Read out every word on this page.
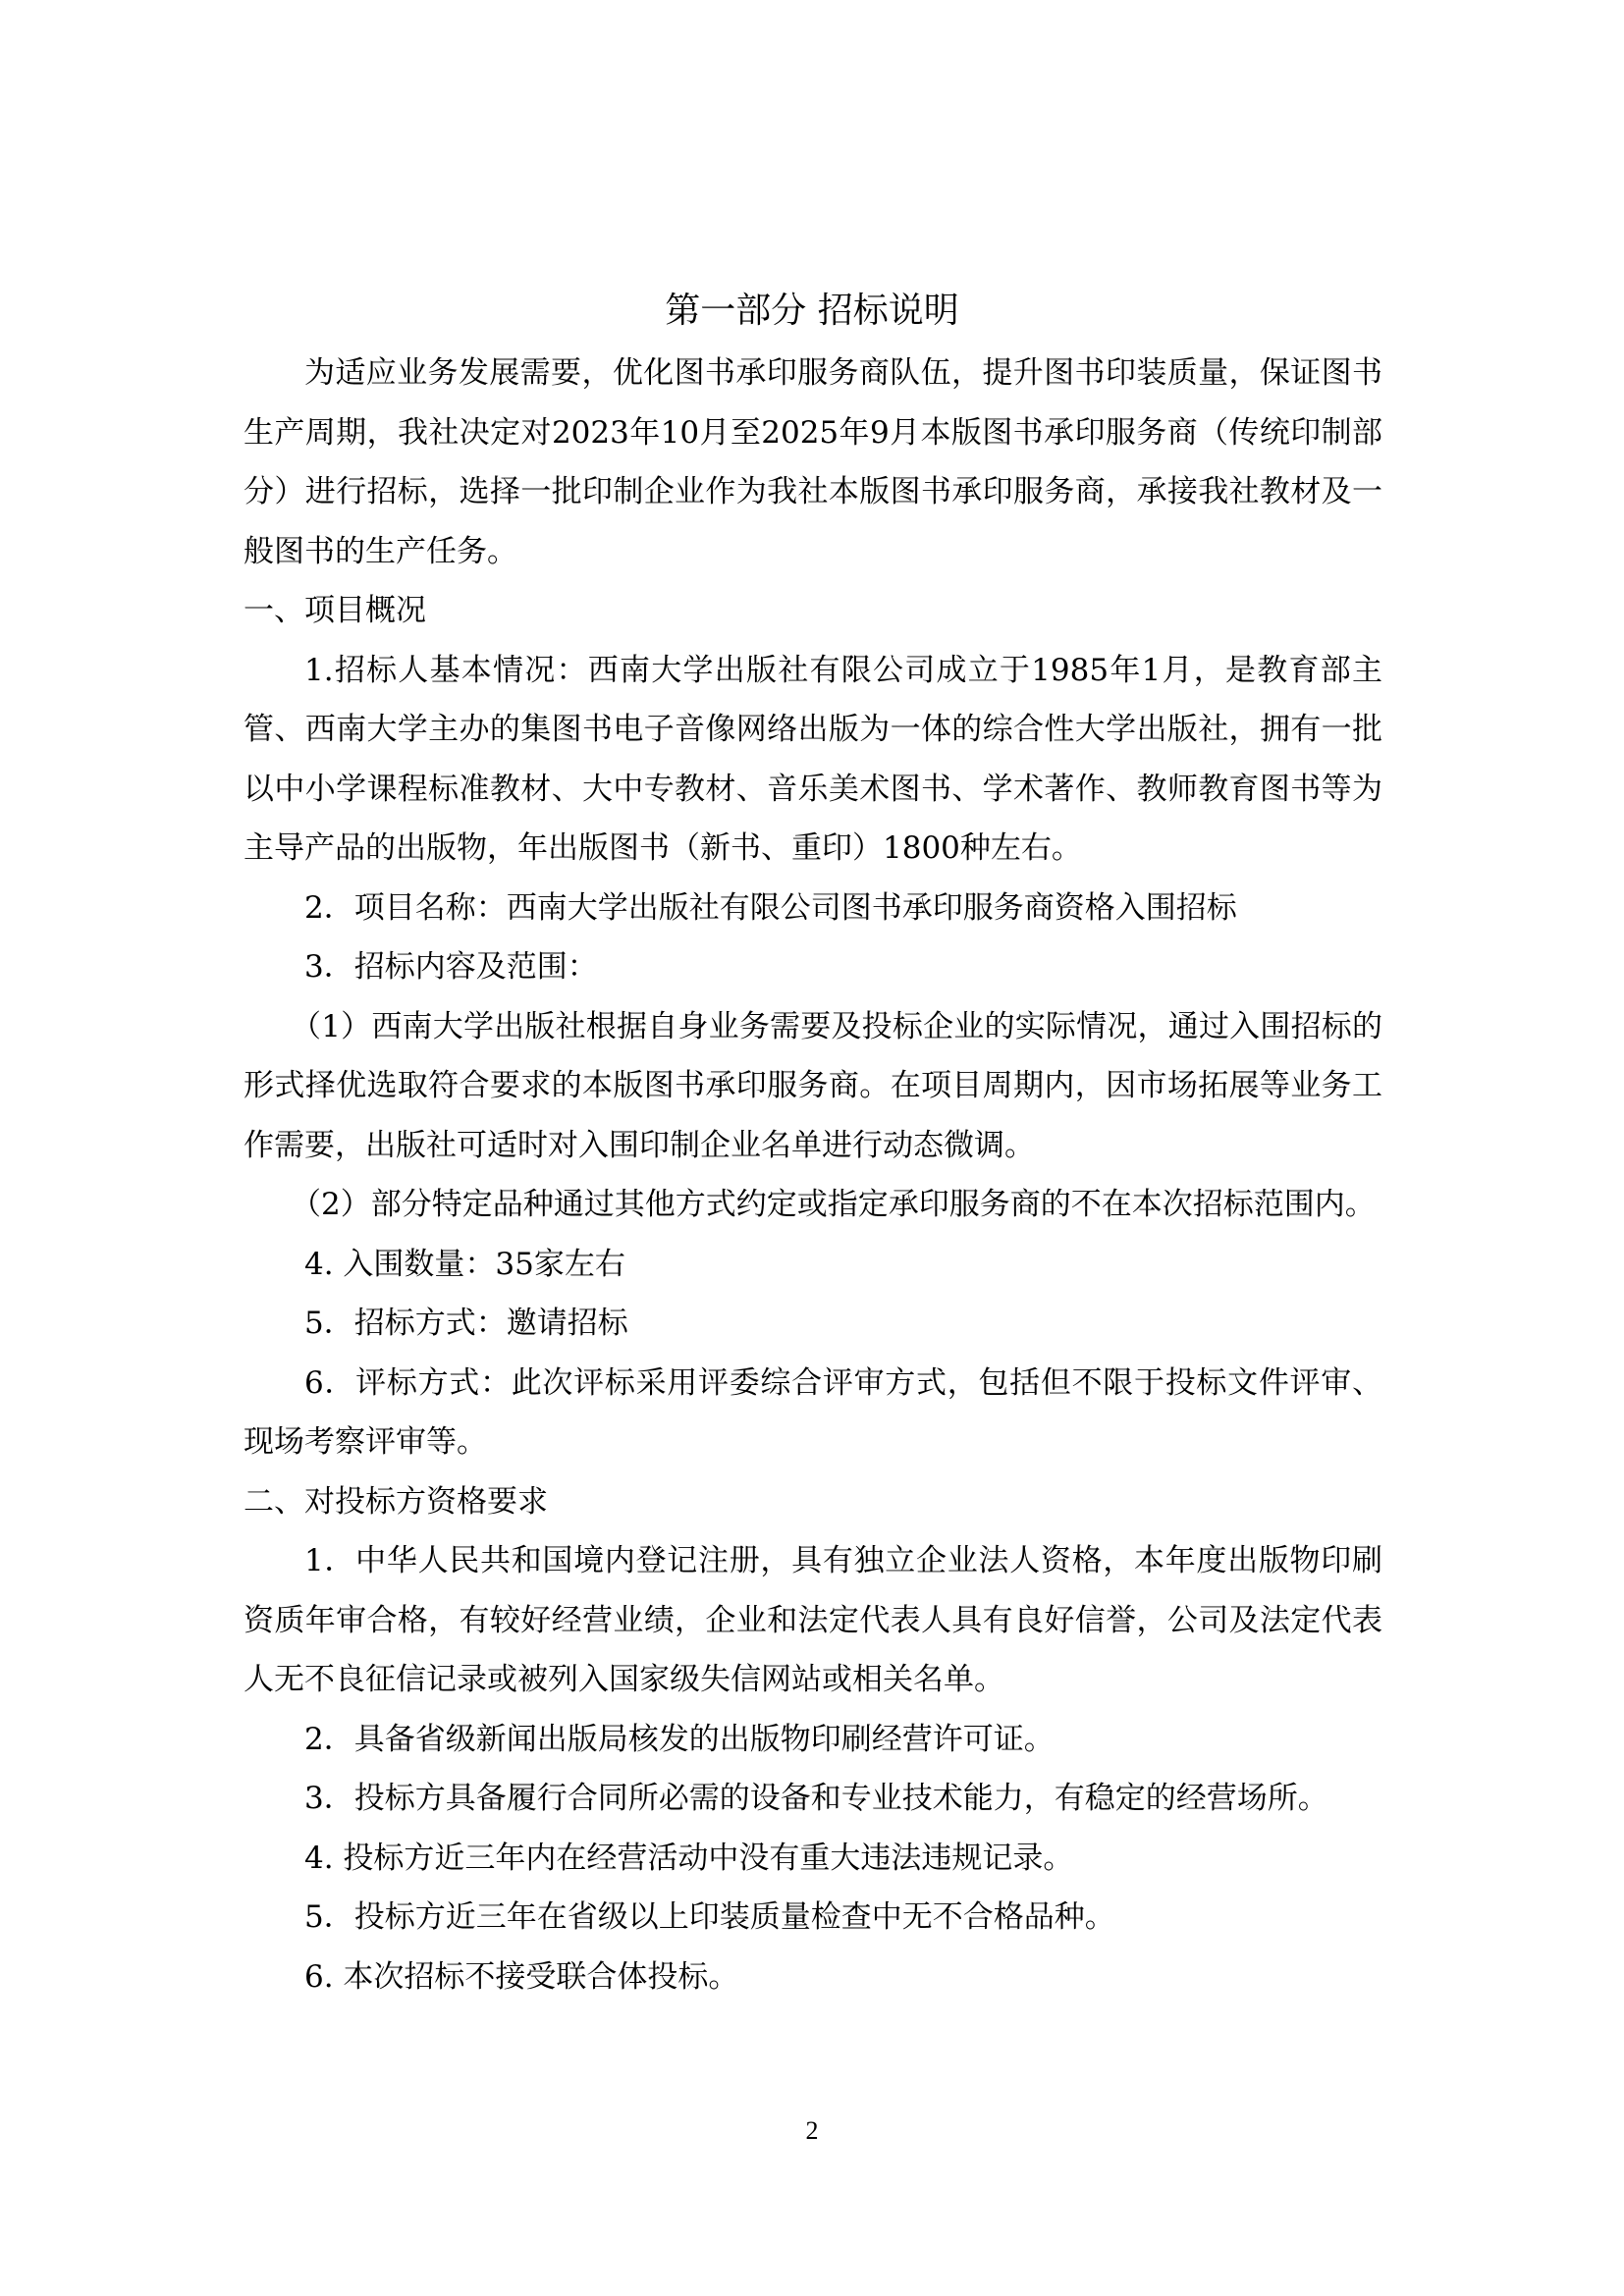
第一部分 招标说明

为适应业务发展需要，优化图书承印服务商队伍，提升图书印装质量，保证图书生产周期，我社决定对2023年10月至2025年9月本版图书承印服务商（传统印制部分）进行招标，选择一批印制企业作为我社本版图书承印服务商，承接我社教材及一般图书的生产任务。

一、项目概况

1.招标人基本情况：西南大学出版社有限公司成立于1985年1月，是教育部主管、西南大学主办的集图书电子音像网络出版为一体的综合性大学出版社，拥有一批以中小学课程标准教材、大中专教材、音乐美术图书、学术著作、教师教育图书等为主导产品的出版物，年出版图书（新书、重印）1800种左右。

2．项目名称：西南大学出版社有限公司图书承印服务商资格入围招标

3．招标内容及范围：

（1）西南大学出版社根据自身业务需要及投标企业的实际情况，通过入围招标的形式择优选取符合要求的本版图书承印服务商。在项目周期内，因市场拓展等业务工作需要，出版社可适时对入围印制企业名单进行动态微调。

（2）部分特定品种通过其他方式约定或指定承印服务商的不在本次招标范围内。

4. 入围数量：35家左右

5．招标方式：邀请招标

6．评标方式：此次评标采用评委综合评审方式，包括但不限于投标文件评审、现场考察评审等。

二、对投标方资格要求

1．中华人民共和国境内登记注册，具有独立企业法人资格，本年度出版物印刷资质年审合格，有较好经营业绩，企业和法定代表人具有良好信誉，公司及法定代表人无不良征信记录或被列入国家级失信网站或相关名单。

2．具备省级新闻出版局核发的出版物印刷经营许可证。

3．投标方具备履行合同所必需的设备和专业技术能力，有稳定的经营场所。

4. 投标方近三年内在经营活动中没有重大违法违规记录。

5．投标方近三年在省级以上印装质量检查中无不合格品种。

6. 本次招标不接受联合体投标。

2
